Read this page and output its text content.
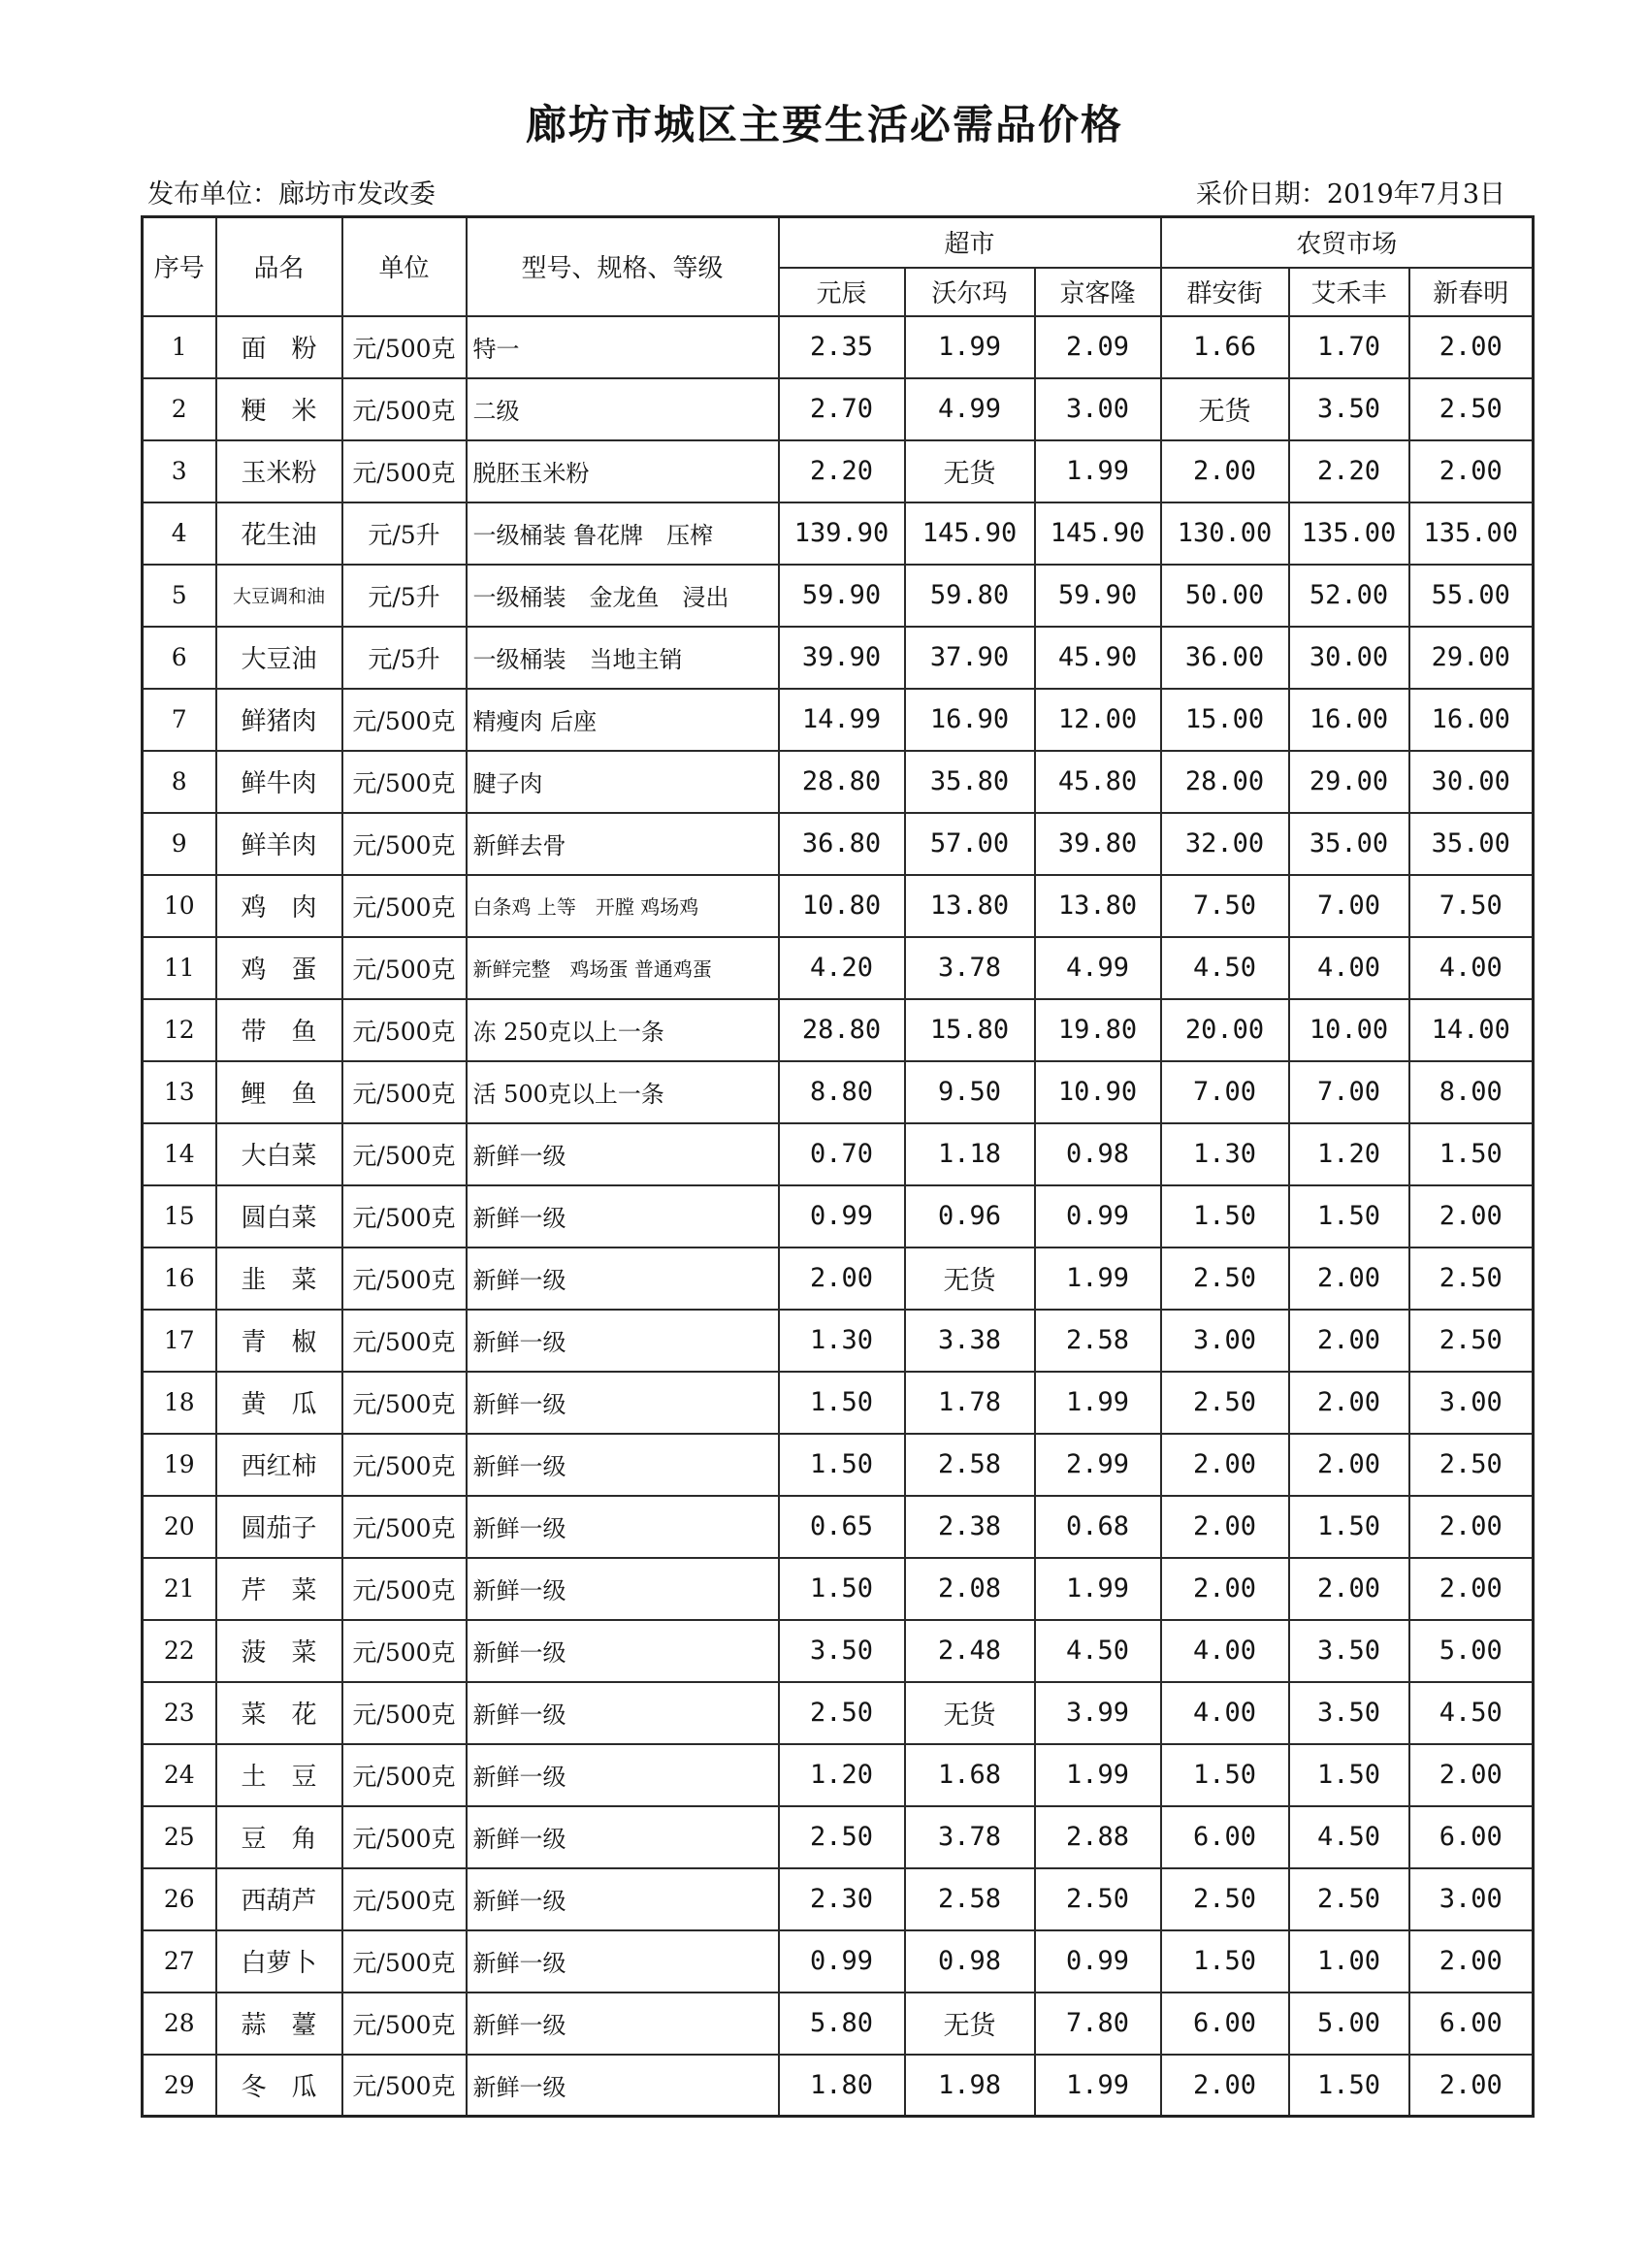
廊坊市城区主要生活必需品价格
发布单位：廊坊市发改委	采价日期：2019年7月3日
序号	品名	单位	型号、规格、等级	超市			农贸市场		
				元辰	沃尔玛	京客隆	群安街	艾禾丰	新春明
1	面　粉	元/500克	特一	2.35	1.99	2.09	1.66	1.70	2.00
2	粳　米	元/500克	二级	2.70	4.99	3.00	无货	3.50	2.50
3	玉米粉	元/500克	脱胚玉米粉	2.20	无货	1.99	2.00	2.20	2.00
4	花生油	元/5升	一级桶装 鲁花牌　压榨	139.90	145.90	145.90	130.00	135.00	135.00
5	大豆调和油	元/5升	一级桶装　金龙鱼　浸出	59.90	59.80	59.90	50.00	52.00	55.00
6	大豆油	元/5升	一级桶装　当地主销	39.90	37.90	45.90	36.00	30.00	29.00
7	鲜猪肉	元/500克	精瘦肉 后座	14.99	16.90	12.00	15.00	16.00	16.00
8	鲜牛肉	元/500克	腱子肉	28.80	35.80	45.80	28.00	29.00	30.00
9	鲜羊肉	元/500克	新鲜去骨	36.80	57.00	39.80	32.00	35.00	35.00
10	鸡　肉	元/500克	白条鸡 上等　开膛 鸡场鸡	10.80	13.80	13.80	7.50	7.00	7.50
11	鸡　蛋	元/500克	新鲜完整　鸡场蛋 普通鸡蛋	4.20	3.78	4.99	4.50	4.00	4.00
12	带　鱼	元/500克	冻 250克以上一条	28.80	15.80	19.80	20.00	10.00	14.00
13	鲤　鱼	元/500克	活 500克以上一条	8.80	9.50	10.90	7.00	7.00	8.00
14	大白菜	元/500克	新鲜一级	0.70	1.18	0.98	1.30	1.20	1.50
15	圆白菜	元/500克	新鲜一级	0.99	0.96	0.99	1.50	1.50	2.00
16	韭　菜	元/500克	新鲜一级	2.00	无货	1.99	2.50	2.00	2.50
17	青　椒	元/500克	新鲜一级	1.30	3.38	2.58	3.00	2.00	2.50
18	黄　瓜	元/500克	新鲜一级	1.50	1.78	1.99	2.50	2.00	3.00
19	西红柿	元/500克	新鲜一级	1.50	2.58	2.99	2.00	2.00	2.50
20	圆茄子	元/500克	新鲜一级	0.65	2.38	0.68	2.00	1.50	2.00
21	芹　菜	元/500克	新鲜一级	1.50	2.08	1.99	2.00	2.00	2.00
22	菠　菜	元/500克	新鲜一级	3.50	2.48	4.50	4.00	3.50	5.00
23	菜　花	元/500克	新鲜一级	2.50	无货	3.99	4.00	3.50	4.50
24	土　豆	元/500克	新鲜一级	1.20	1.68	1.99	1.50	1.50	2.00
25	豆　角	元/500克	新鲜一级	2.50	3.78	2.88	6.00	4.50	6.00
26	西葫芦	元/500克	新鲜一级	2.30	2.58	2.50	2.50	2.50	3.00
27	白萝卜	元/500克	新鲜一级	0.99	0.98	0.99	1.50	1.00	2.00
28	蒜　薹	元/500克	新鲜一级	5.80	无货	7.80	6.00	5.00	6.00
29	冬　瓜	元/500克	新鲜一级	1.80	1.98	1.99	2.00	1.50	2.00
